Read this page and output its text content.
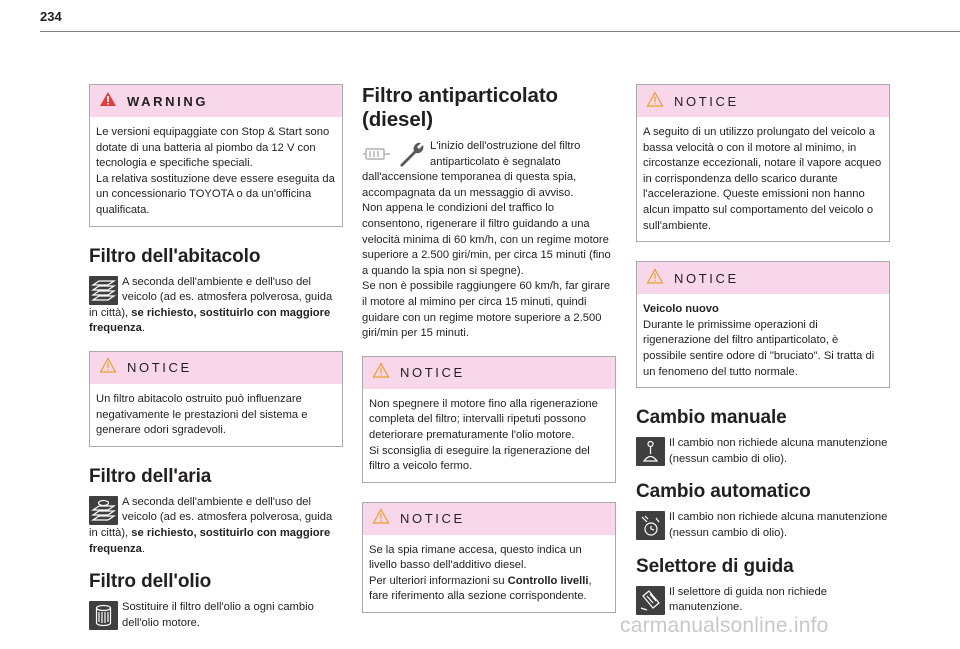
234
WARNING
Le versioni equipaggiate con Stop & Start sono dotate di una batteria al piombo da 12 V con tecnologia e specifiche speciali.
La relativa sostituzione deve essere eseguita da un concessionario TOYOTA o da un'officina qualificata.
Filtro dell'abitacolo
A seconda dell'ambiente e dell'uso del veicolo (ad es. atmosfera polverosa, guida in città), se richiesto, sostituirlo con maggiore frequenza.
NOTICE
Un filtro abitacolo ostruito può influenzare negativamente le prestazioni del sistema e generare odori sgradevoli.
Filtro dell'aria
A seconda dell'ambiente e dell'uso del veicolo (ad es. atmosfera polverosa, guida in città), se richiesto, sostituirlo con maggiore frequenza.
Filtro dell'olio
Sostituire il filtro dell'olio a ogni cambio dell'olio motore.
Filtro antiparticolato (diesel)
L'inizio dell'ostruzione del filtro antiparticolato è segnalato dall'accensione temporanea di questa spia, accompagnata da un messaggio di avviso.
Non appena le condizioni del traffico lo consentono, rigenerare il filtro guidando a una velocità minima di 60 km/h, con un regime motore superiore a 2.500 giri/min, per circa 15 minuti (fino a quando la spia non si spegne).
Se non è possibile raggiungere 60 km/h, far girare il motore al mimino per circa 15 minuti, quindi guidare con un regime motore superiore a 2.500 giri/min per 15 minuti.
NOTICE
Non spegnere il motore fino alla rigenerazione completa del filtro; intervalli ripetuti possono deteriorare prematuramente l'olio motore.
Si sconsiglia di eseguire la rigenerazione del filtro a veicolo fermo.
NOTICE
Se la spia rimane accesa, questo indica un livello basso dell'additivo diesel.
Per ulteriori informazioni su Controllo livelli, fare riferimento alla sezione corrispondente.
NOTICE
A seguito di un utilizzo prolungato del veicolo a bassa velocità o con il motore al minimo, in circostanze eccezionali, notare il vapore acqueo in corrispondenza dello scarico durante l'accelerazione. Queste emissioni non hanno alcun impatto sul comportamento del veicolo o sull'ambiente.
NOTICE
Veicolo nuovo
Durante le primissime operazioni di rigenerazione del filtro antiparticolato, è possibile sentire odore di "bruciato". Si tratta di un fenomeno del tutto normale.
Cambio manuale
Il cambio non richiede alcuna manutenzione (nessun cambio di olio).
Cambio automatico
Il cambio non richiede alcuna manutenzione (nessun cambio di olio).
Selettore di guida
Il selettore di guida non richiede manutenzione.
carmanualsonline.info
